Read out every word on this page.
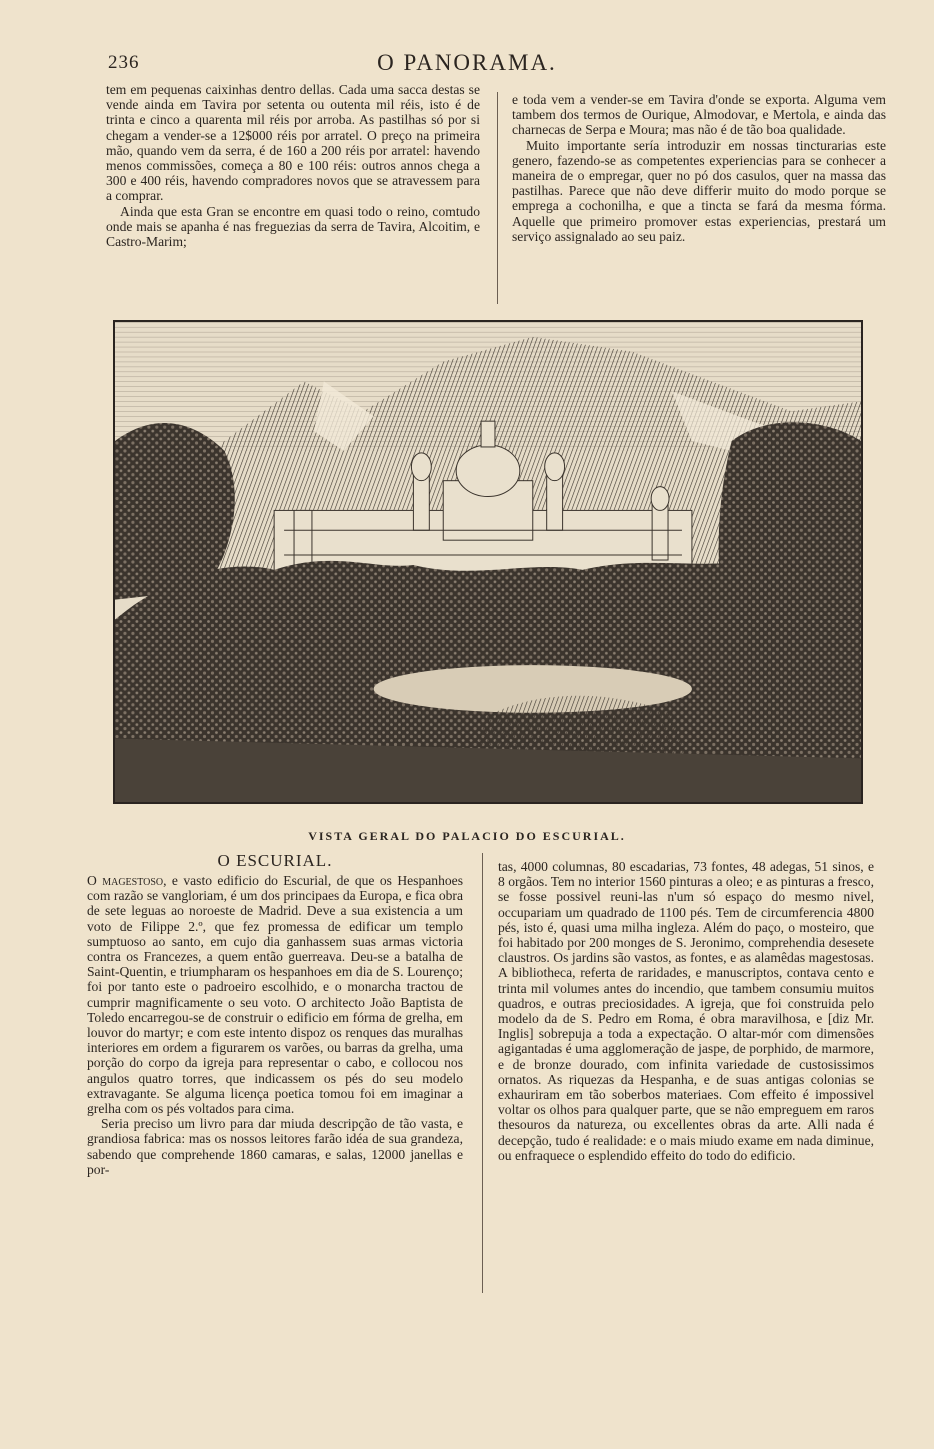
236	O PANORAMA.

tem em pequenas caixinhas dentro dellas. Cada uma sacca destas se vende ainda em Tavira por setenta ou outenta mil réis, isto é de trinta e cinco a quarenta mil réis por arroba. As pastilhas só por si chegam a vender-se a 12$000 réis por arratel. O preço na primeira mão, quando vem da serra, é de 160 a 200 réis por arratel: havendo menos commissões, começa a 80 e 100 réis: outros annos chega a 300 e 400 réis, havendo compradores novos que se atravessem para a comprar.

Ainda que esta Gran se encontre em quasi todo o reino, comtudo onde mais se apanha é nas freguezias da serra de Tavira, Alcoitim, e Castro-Marim;

e toda vem a vender-se em Tavira d'onde se exporta. Alguma vem tambem dos termos de Ourique, Almodovar, e Mertola, e ainda das charnecas de Serpa e Moura; mas não é de tão boa qualidade.

Muito importante sería introduzir em nossas tincturarias este genero, fazendo-se as competentes experiencias para se conhecer a maneira de o empregar, quer no pó dos casulos, quer na massa das pastilhas. Parece que não deve differir muito do modo porque se emprega a cochonilha, e que a tincta se fará da mesma fórma. Aquelle que primeiro promover estas experiencias, prestará um serviço assignalado ao seu paiz.

VISTA GERAL DO PALACIO DO ESCURIAL.
O ESCURIAL.

O magestoso, e vasto edificio do Escurial, de que os Hespanhoes com razão se vangloriam, é um dos principaes da Europa, e fica obra de sete leguas ao noroeste de Madrid. Deve a sua existencia a um voto de Filippe 2.º, que fez promessa de edificar um templo sumptuoso ao santo, em cujo dia ganhassem suas armas victoria contra os Francezes, a quem então guerreava. Deu-se a batalha de Saint-Quentin, e triumpharam os hespanhoes em dia de S. Lourenço; foi por tanto este o padroeiro escolhido, e o monarcha tractou de cumprir magnificamente o seu voto. O architecto João Baptista de Toledo encarregou-se de construir o edificio em fórma de grelha, em louvor do martyr; e com este intento dispoz os renques das muralhas interiores em ordem a figurarem os varões, ou barras da grelha, uma porção do corpo da igreja para representar o cabo, e collocou nos angulos quatro torres, que indicassem os pés do seu modelo extravagante. Se alguma licença poetica tomou foi em imaginar a grelha com os pés voltados para cima.

Seria preciso um livro para dar miuda descripção de tão vasta, e grandiosa fabrica: mas os nossos leitores farão idéa de sua grandeza, sabendo que comprehende 1860 camaras, e salas, 12000 janellas e por-

tas, 4000 columnas, 80 escadarias, 73 fontes, 48 adegas, 51 sinos, e 8 orgãos. Tem no interior 1560 pinturas a oleo; e as pinturas a fresco, se fosse possivel reuni-las n'um só espaço do mesmo nivel, occupariam um quadrado de 1100 pés. Tem de circumferencia 4800 pés, isto é, quasi uma milha ingleza. Além do paço, o mosteiro, que foi habitado por 200 monges de S. Jeronimo, comprehendia desesete claustros. Os jardins são vastos, as fontes, e as alamêdas magestosas. A bibliotheca, referta de raridades, e manuscriptos, contava cento e trinta mil volumes antes do incendio, que tambem consumiu muitos quadros, e outras preciosidades. A igreja, que foi construida pelo modelo da de S. Pedro em Roma, é obra maravilhosa, e [diz Mr. Inglis] sobrepuja a toda a expectação. O altar-mór com dimensões agigantadas é uma agglomeração de jaspe, de porphido, de marmore, e de bronze dourado, com infinita variedade de custosissimos ornatos. As riquezas da Hespanha, e de suas antigas colonias se exhauriram em tão soberbos materiaes. Com effeito é impossivel voltar os olhos para qualquer parte, que se não empreguem em raros thesouros da natureza, ou excellentes obras da arte. Alli nada é decepção, tudo é realidade: e o mais miudo exame em nada diminue, ou enfraquece o esplendido effeito do todo do edificio.
